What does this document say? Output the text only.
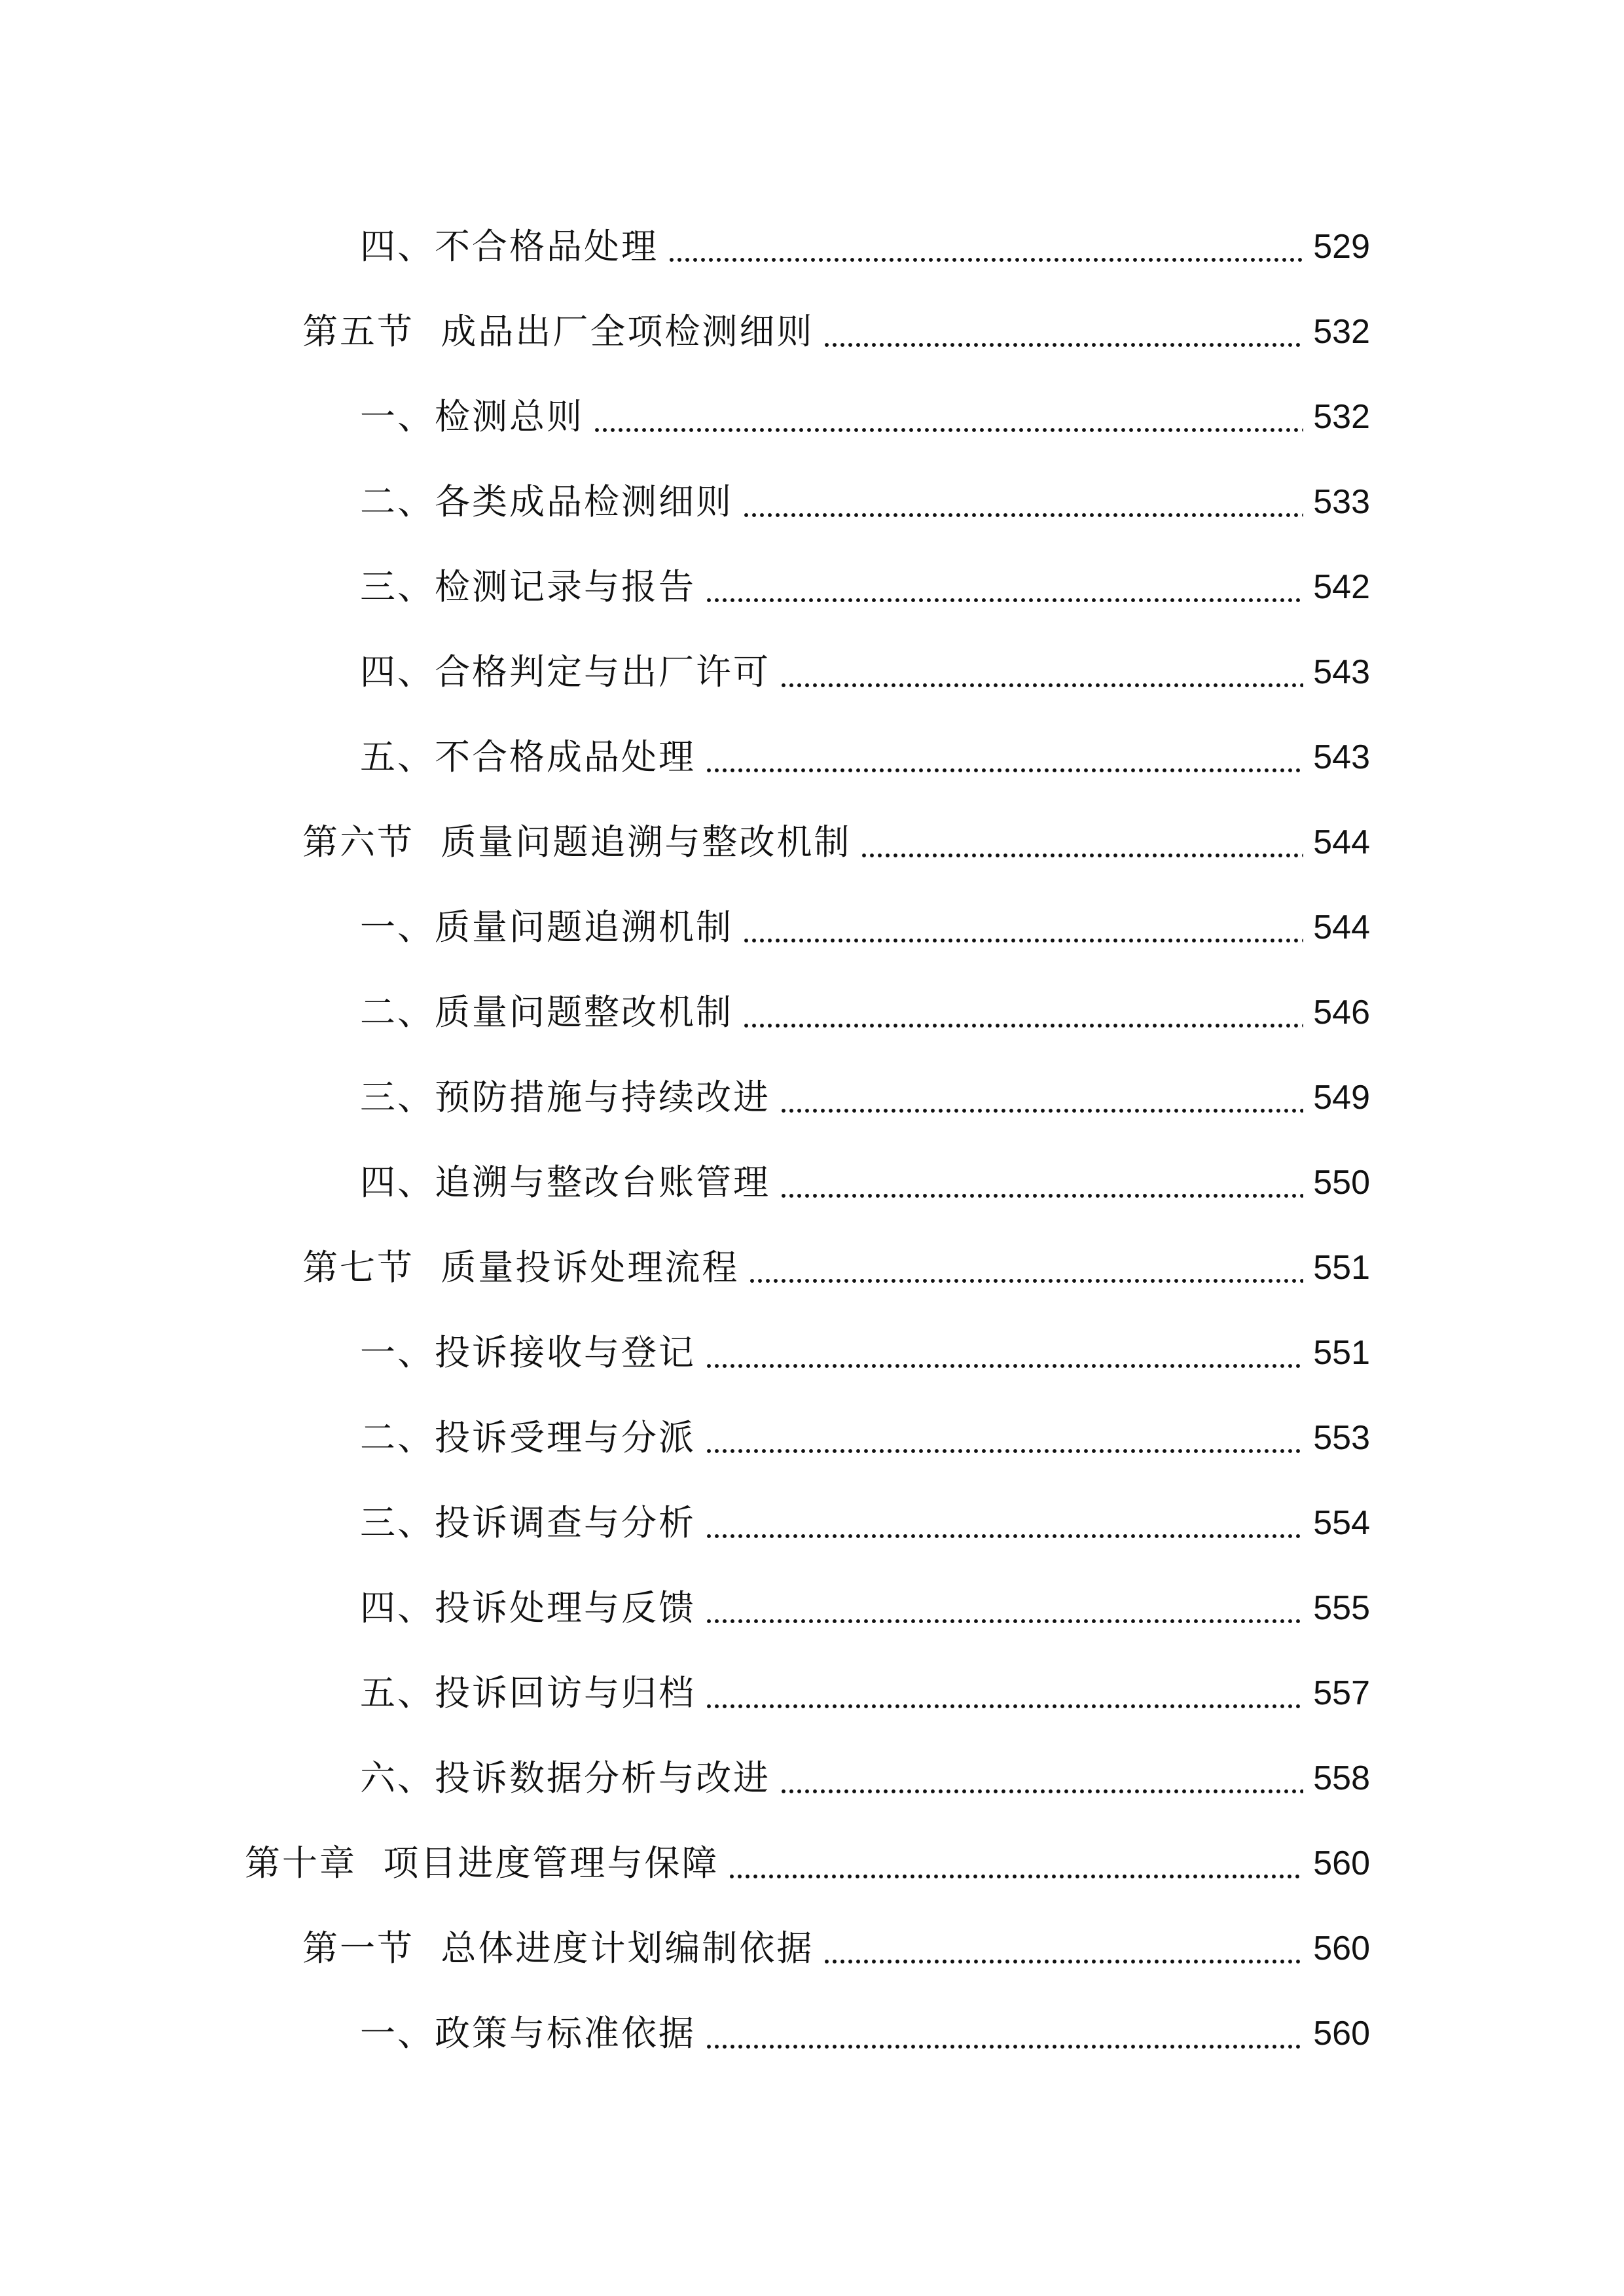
四、不合格品处理	529
第五节  成品出厂全项检测细则	532
一、检测总则	532
二、各类成品检测细则	533
三、检测记录与报告	542
四、合格判定与出厂许可	543
五、不合格成品处理	543
第六节  质量问题追溯与整改机制	544
一、质量问题追溯机制	544
二、质量问题整改机制	546
三、预防措施与持续改进	549
四、追溯与整改台账管理	550
第七节  质量投诉处理流程	551
一、投诉接收与登记	551
二、投诉受理与分派	553
三、投诉调查与分析	554
四、投诉处理与反馈	555
五、投诉回访与归档	557
六、投诉数据分析与改进	558
第十章  项目进度管理与保障	560
第一节  总体进度计划编制依据	560
一、政策与标准依据	560
